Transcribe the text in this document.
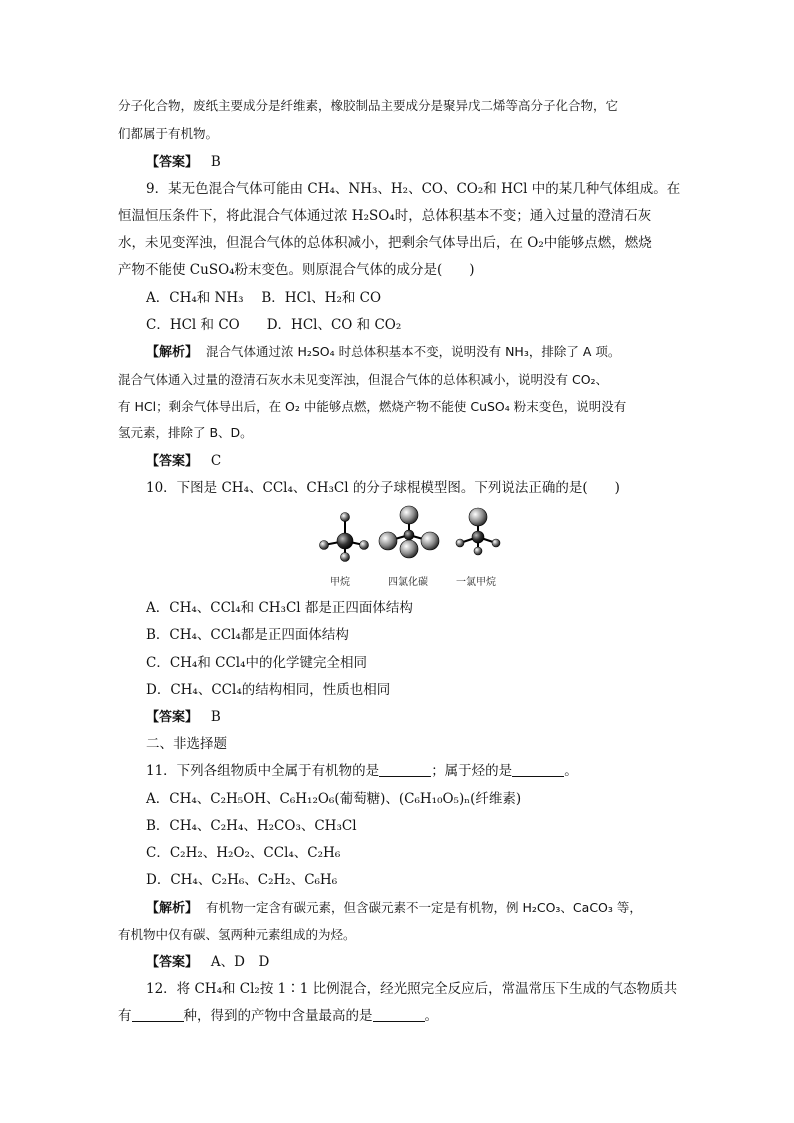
分子化合物，废纸主要成分是纤维素，橡胶制品主要成分是聚异戊二烯等高分子化合物，它
们都属于有机物。
【答案】 B
9．某无色混合气体可能由 CH₄、NH₃、H₂、CO、CO₂和 HCl 中的某几种气体组成。在
恒温恒压条件下，将此混合气体通过浓 H₂SO₄时，总体积基本不变；通入过量的澄清石灰
水，未见变浑浊，但混合气体的总体积减小，把剩余气体导出后，在 O₂中能够点燃，燃烧
产物不能使 CuSO₄粉末变色。则原混合气体的成分是(　　)
A．CH₄和 NH₃　 B．HCl、H₂和 CO
C．HCl 和 CO　　D．HCl、CO 和 CO₂
【解析】 混合气体通过浓 H₂SO₄ 时总体积基本不变，说明没有 NH₃，排除了 A 项。
混合气体通入过量的澄清石灰水未见变浑浊，但混合气体的总体积减小，说明没有 CO₂、
有 HCl；剩余气体导出后，在 O₂ 中能够点燃，燃烧产物不能使 CuSO₄ 粉末变色，说明没有
氢元素，排除了 B、D。
【答案】 C
10．下图是 CH₄、CCl₄、CH₃Cl 的分子球棍模型图。下列说法正确的是(　　)
甲烷	四氯化碳	一氯甲烷
A．CH₄、CCl₄和 CH₃Cl 都是正四面体结构
B．CH₄、CCl₄都是正四面体结构
C．CH₄和 CCl₄中的化学键完全相同
D．CH₄、CCl₄的结构相同，性质也相同
【答案】 B
二、非选择题
11．下列各组物质中全属于有机物的是	；属于烃的是	。
A．CH₄、C₂H₅OH、C₆H₁₂O₆(葡萄糖)、(C₆H₁₀O₅)ₙ(纤维素)
B．CH₄、C₂H₄、H₂CO₃、CH₃Cl
C．C₂H₂、H₂O₂、CCl₄、C₂H₆
D．CH₄、C₂H₆、C₂H₂、C₆H₆
【解析】 有机物一定含有碳元素，但含碳元素不一定是有机物，例 H₂CO₃、CaCO₃ 等，
有机物中仅有碳、氢两种元素组成的为烃。
【答案】 A、D　D
12．将 CH₄和 Cl₂按 1∶1 比例混合，经光照完全反应后，常温常压下生成的气态物质共
有	种，得到的产物中含量最高的是	。
